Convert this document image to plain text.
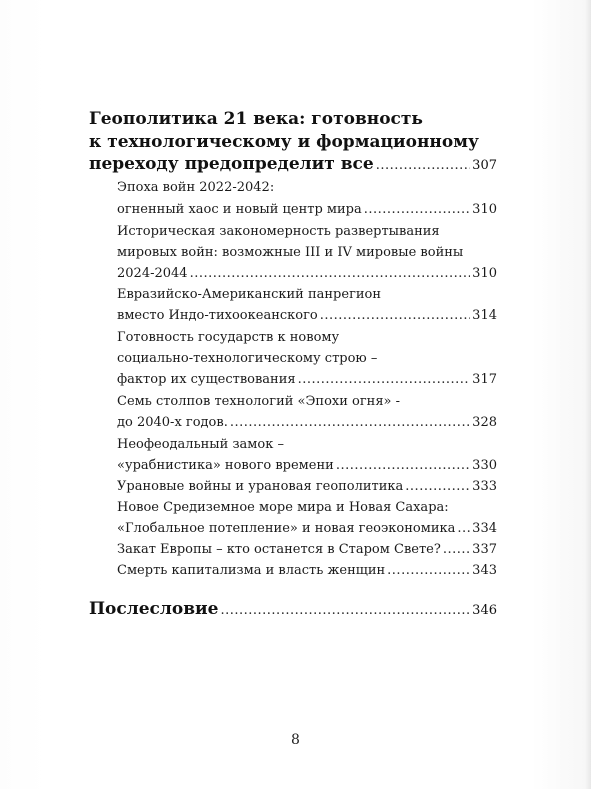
Геополитика 21 века: готовность
к технологическому и формационному
переходу предопределит все .....	307
Эпоха войн 2022-2042:
огненный хаос и новый центр мира .....	310
Историческая закономерность развертывания
мировых войн: возможные III и IV мировые войны
2024-2044 .....	310
Евразийско-Американский панрегион
вместо Индо-тихоокеанского .....	314
Готовность государств к новому
социально-технологическому строю –
фактор их существования .....	317
Семь столпов технологий «Эпохи огня» -
до 2040-х годов. .....	328
Неофеодальный замок –
«урабнистика» нового времени .....	330
Урановые войны и урановая геополитика .....	333
Новое Средиземное море мира и Новая Сахара:
«Глобальное потепление» и новая геоэкономика ..... 334
Закат Европы – кто останется в Старом Свете? ..... 337
Смерть капитализма и власть женщин .....	343
Послесловие .....	346
8
